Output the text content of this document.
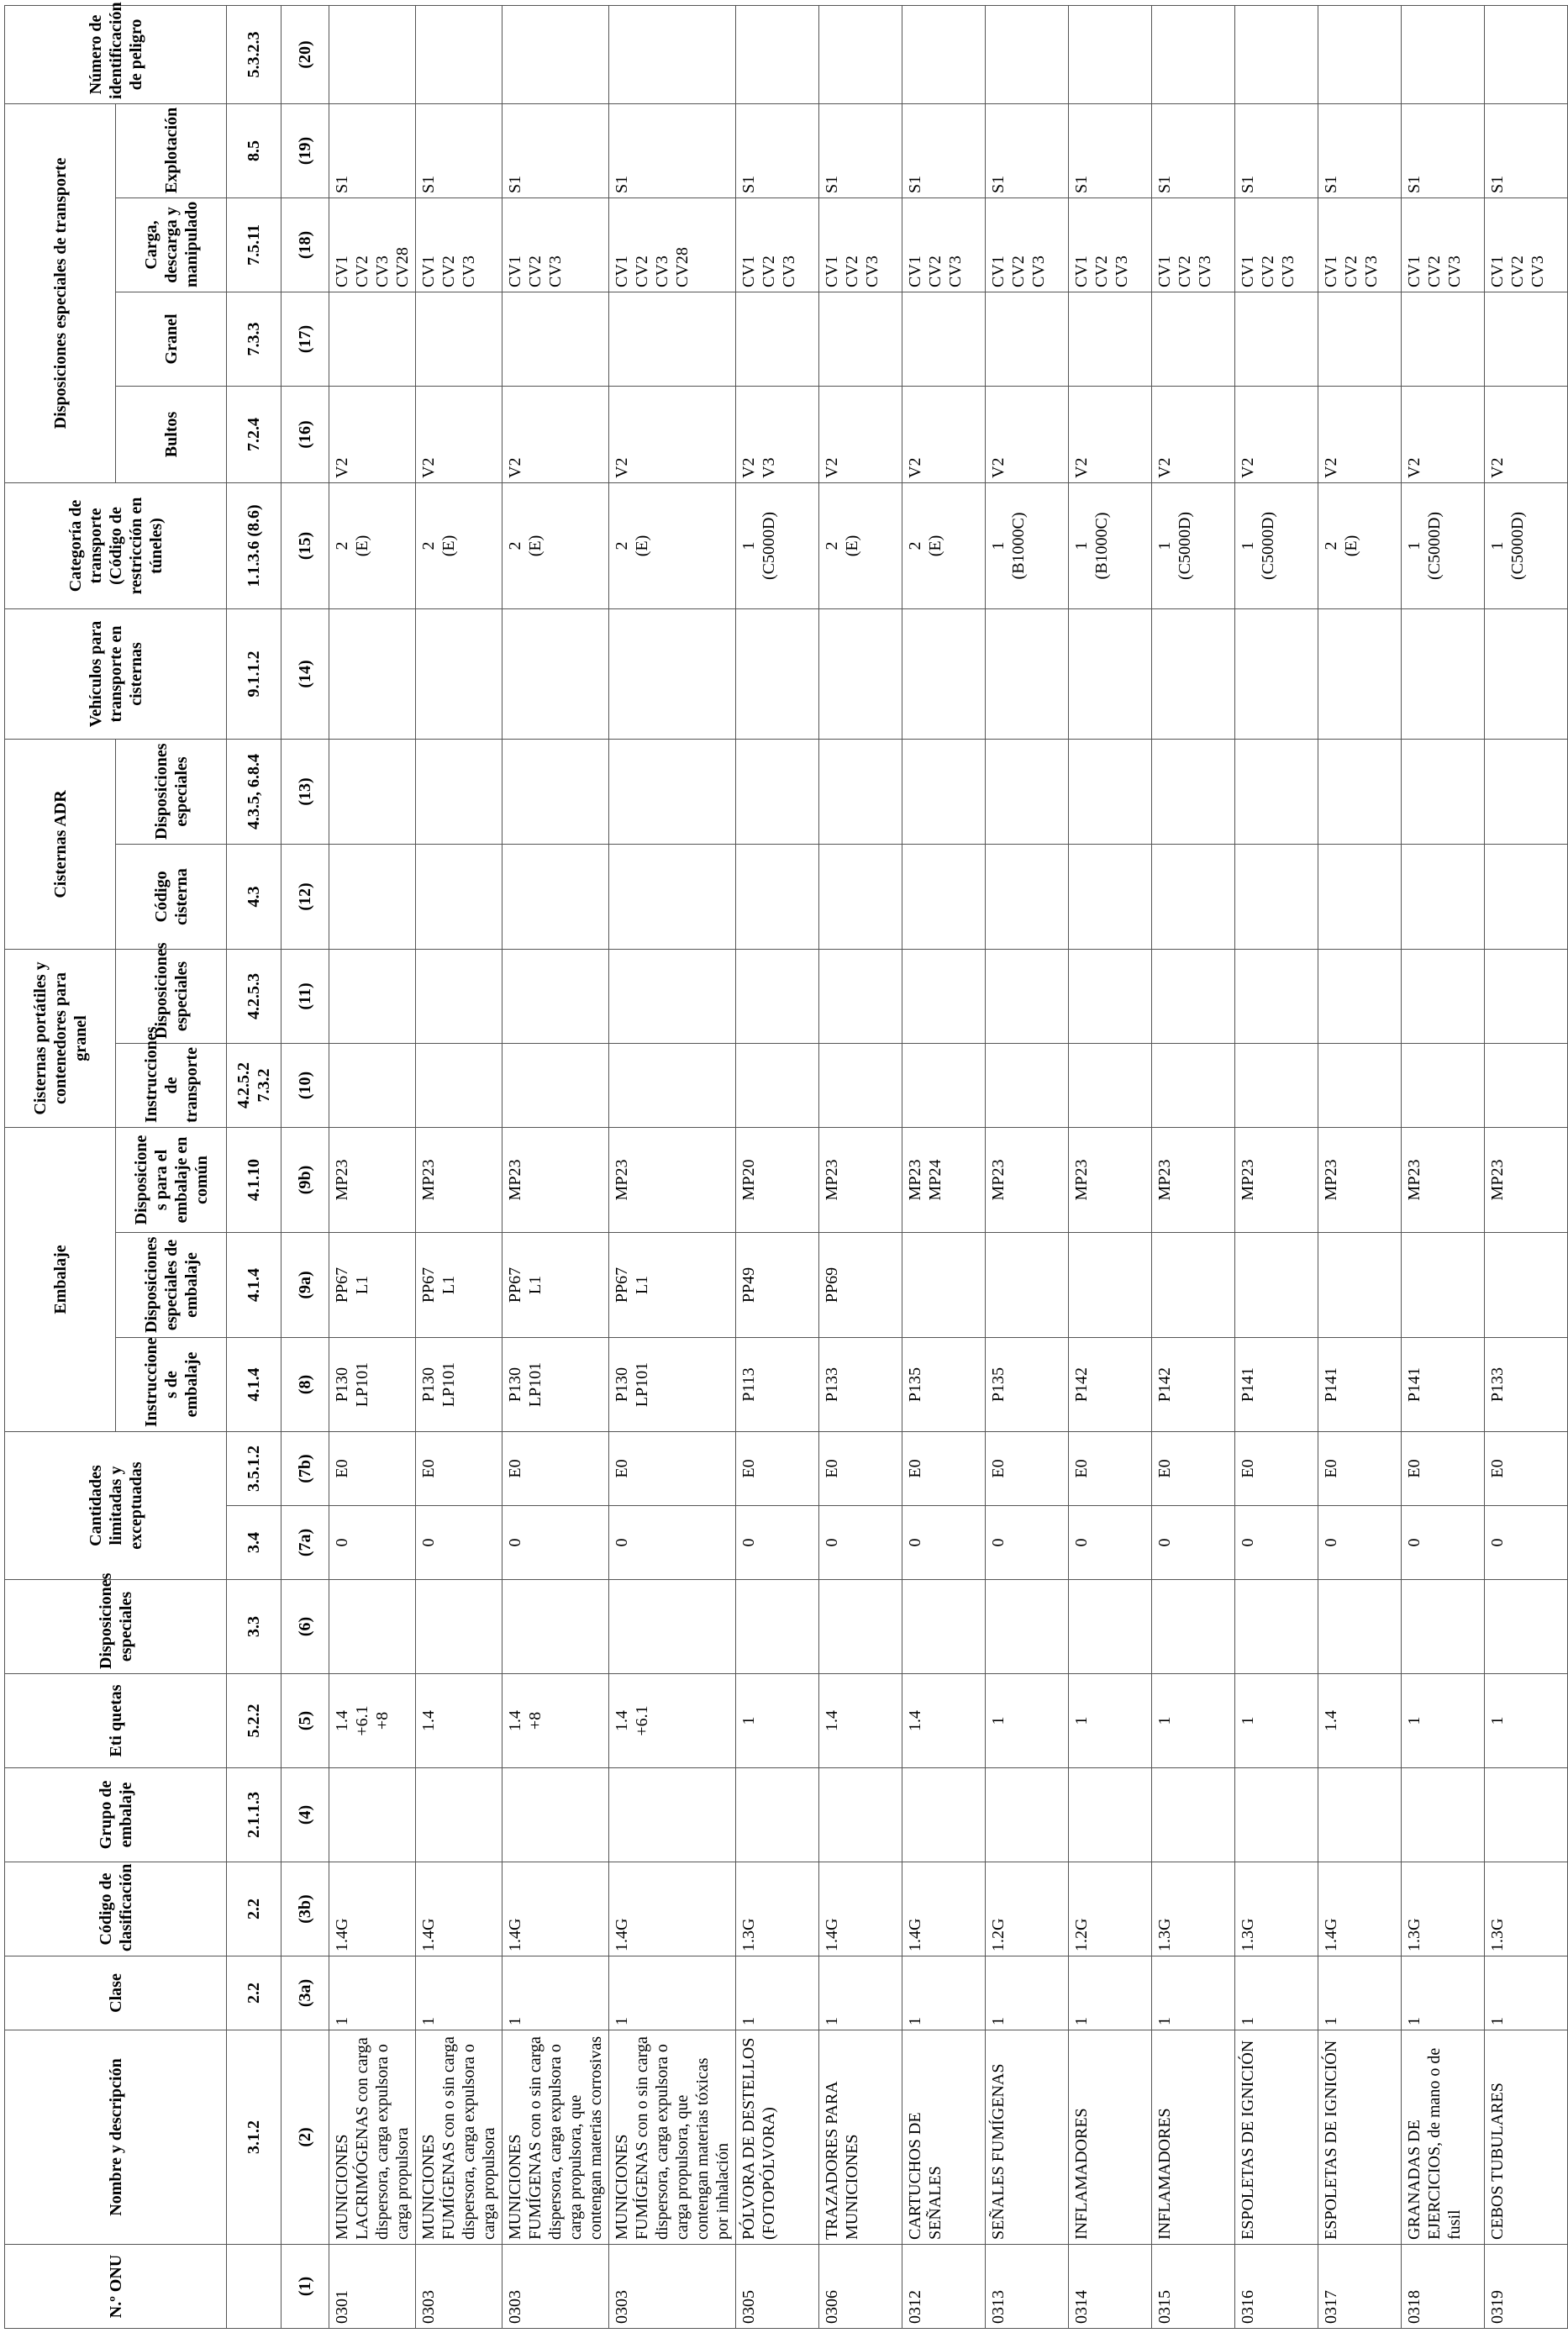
N.º ONU	Nombre y descripción	Clase	Código de clasificación	Grupo de embalaje	Eti quetas	Disposiciones especiales	Cantidades limitadas y exceptuadas		Embalaje			Cisternas portátiles y contenedores para granel		Cisternas ADR		Vehículos para transporte en cisternas	Categoría de transporte (Código de restricción en túneles)	Disposiciones especiales de transporte				Número de identificación de peligro
									Instruccione s de embalaje	Disposiciones especiales de embalaje	Disposicione s para el embalaje en común	Instrucciones de transporte	Disposiciones especiales	Código cisterna	Disposiciones especiales			Bultos	Granel	Carga, descarga y manipulado	Explotación	
	3.1.2	2.2	2.2	2.1.1.3	5.2.2	3.3	3.4	3.5.1.2	4.1.4	4.1.4	4.1.10	4.2.5.2 7.3.2	4.2.5.3	4.3	4.3.5, 6.8.4	9.1.1.2	1.1.3.6 (8.6)	7.2.4	7.3.3	7.5.11	8.5	5.3.2.3
(1)	(2)	(3a)	(3b)	(4)	(5)	(6)	(7a)	(7b)	(8)	(9a)	(9b)	(10)	(11)	(12)	(13)	(14)	(15)	(16)	(17)	(18)	(19)	(20)
0301	MUNICIONES LACRIMÓGENAS con carga dispersora, carga expulsora o carga propulsora	1	1.4G		1.4 +6.1 +8		0	E0	P130 LP101	PP67 L1	MP23						2 (E)	V2		CV1 CV2 CV3 CV28	S1	
0303	MUNICIONES FUMÍGENAS con o sin carga dispersora, carga expulsora o carga propulsora	1	1.4G		1.4		0	E0	P130 LP101	PP67 L1	MP23						2 (E)	V2		CV1 CV2 CV3	S1	
0303	MUNICIONES FUMÍGENAS con o sin carga dispersora, carga expulsora o carga propulsora, que contengan materias corrosivas	1	1.4G		1.4 +8		0	E0	P130 LP101	PP67 L1	MP23						2 (E)	V2		CV1 CV2 CV3	S1	
0303	MUNICIONES FUMÍGENAS con o sin carga dispersora, carga expulsora o carga propulsora, que contengan materias tóxicas por inhalación	1	1.4G		1.4 +6.1		0	E0	P130 LP101	PP67 L1	MP23						2 (E)	V2		CV1 CV2 CV3 CV28	S1	
0305	PÓLVORA DE DESTELLOS (FOTOPÓLVORA)	1	1.3G		1		0	E0	P113	PP49	MP20						1 (C5000D)	V2 V3		CV1 CV2 CV3	S1	
0306	TRAZADORES PARA MUNICIONES	1	1.4G		1.4		0	E0	P133	PP69	MP23						2 (E)	V2		CV1 CV2 CV3	S1	
0312	CARTUCHOS DE SEÑALES	1	1.4G		1.4		0	E0	P135		MP23 MP24						2 (E)	V2		CV1 CV2 CV3	S1	
0313	SEÑALES FUMÍGENAS	1	1.2G		1		0	E0	P135		MP23						1 (B1000C)	V2		CV1 CV2 CV3	S1	
0314	INFLAMADORES	1	1.2G		1		0	E0	P142		MP23						1 (B1000C)	V2		CV1 CV2 CV3	S1	
0315	INFLAMADORES	1	1.3G		1		0	E0	P142		MP23						1 (C5000D)	V2		CV1 CV2 CV3	S1	
0316	ESPOLETAS DE IGNICIÓN	1	1.3G		1		0	E0	P141		MP23						1 (C5000D)	V2		CV1 CV2 CV3	S1	
0317	ESPOLETAS DE IGNICIÓN	1	1.4G		1.4		0	E0	P141		MP23						2 (E)	V2		CV1 CV2 CV3	S1	
0318	GRANADAS DE EJERCICIOS, de mano o de fusil	1	1.3G		1		0	E0	P141		MP23						1 (C5000D)	V2		CV1 CV2 CV3	S1	
0319	CEBOS TUBULARES	1	1.3G		1		0	E0	P133		MP23						1 (C5000D)	V2		CV1 CV2 CV3	S1	
